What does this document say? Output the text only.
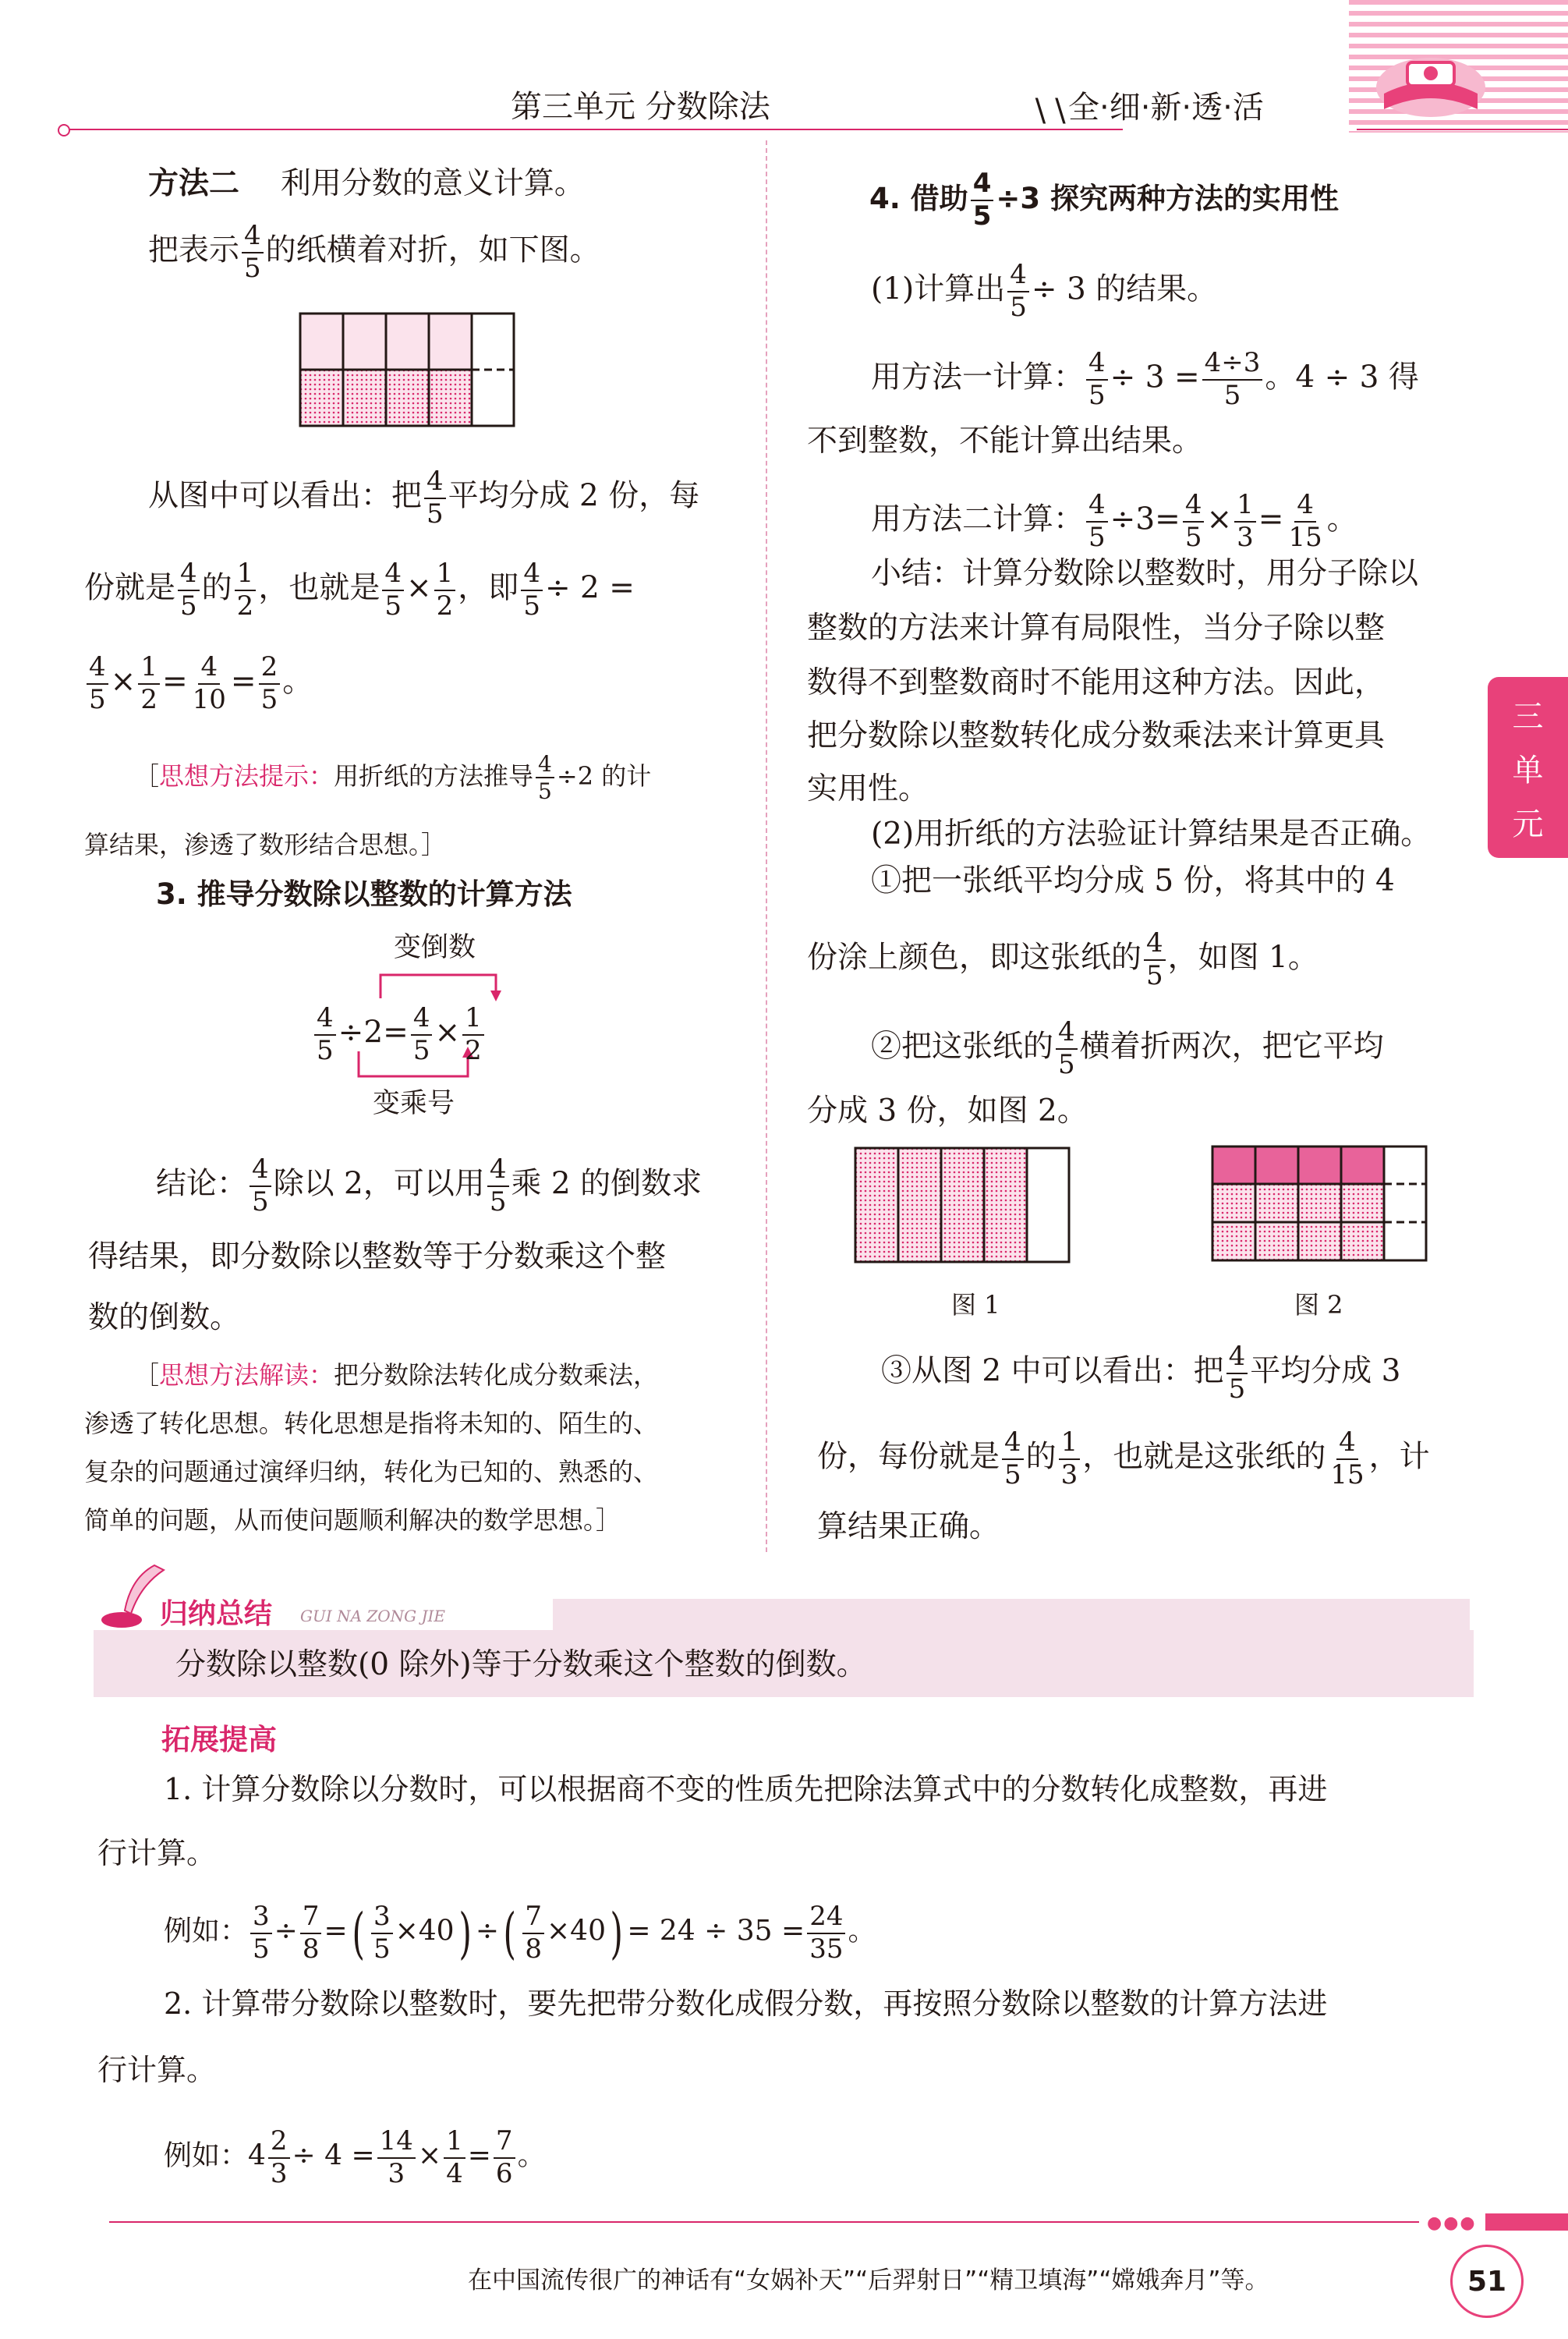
第三单元 分数除法	∖∖ 全·细·新·透·活
三
单
元
方法二 利用分数的意义计算。
把表示 $\frac{4}{5}$ 的纸横着对折，如下图。
从图中可以看出：把 $\frac{4}{5}$ 平均分成 2 份，每
份就是 $\frac{4}{5}$ 的 $\frac{1}{2}$ ，也就是 $\frac{4}{5} \times \frac{1}{2}$ ，即 $\frac{4}{5} \div 2$ =
$\frac{4}{5} \times \frac{1}{2} = \frac{4}{10} = \frac{2}{5}$ 。
［思想方法提示：用折纸的方法推导 $\frac{4}{5} \div 2$ 的计
算结果，渗透了数形结合思想。］
3. 推导分数除以整数的计算方法
变倒数
$\frac{4}{5} \div 2= \frac{4}{5} \times \frac{1}{2}$
变乘号
结论： $\frac{4}{5}$ 除以 2，可以用 $\frac{4}{5}$ 乘 2 的倒数求
得结果，即分数除以整数等于分数乘这个整
数的倒数。
［思想方法解读：把分数除法转化成分数乘法，
渗透了转化思想。转化思想是指将未知的、陌生的、
复杂的问题通过演绎归纳，转化为已知的、熟悉的、
简单的问题，从而使问题顺利解决的数学思想。］
4. 借助 $\frac{4}{5} \div 3$ 探究两种方法的实用性
(1)计算出 $\frac{4}{5} \div 3$ 的结果。
用方法一计算： $\frac{4}{5} \div 3 = \frac{4\div 3}{5}$ 。4 ÷ 3 得
不到整数，不能计算出结果。
用方法二计算： $\frac{4}{5} \div 3= \frac{4}{5} \times \frac{1}{3} = \frac{4}{15}$ 。
小结：计算分数除以整数时，用分子除以
整数的方法来计算有局限性，当分子除以整
数得不到整数商时不能用这种方法。因此，
把分数除以整数转化成分数乘法来计算更具
实用性。
(2)用折纸的方法验证计算结果是否正确。
①把一张纸平均分成 5 份，将其中的 4
份涂上颜色，即这张纸的 $\frac{4}{5}$ ，如图 1。
②把这张纸的 $\frac{4}{5}$ 横着折两次，把它平均
分成 3 份，如图 2。
图 1	图 2
③从图 2 中可以看出：把 $\frac{4}{5}$ 平均分成 3
份，每份就是 $\frac{4}{5}$ 的 $\frac{1}{3}$ ，也就是这张纸的 $\frac{4}{15}$ ，计
算结果正确。
归纳总结 GUI NA ZONG JIE
分数除以整数(0 除外)等于分数乘这个整数的倒数。
拓展提高
1. 计算分数除以分数时，可以根据商不变的性质先把除法算式中的分数转化成整数，再进
行计算。
例如： $\frac{3}{5} \div \frac{7}{8}$ =( $\frac{3}{5} \times 40$) ÷( $\frac{7}{8} \times 40) = 24 \div 35 = \frac{24}{35}$ 。
2. 计算带分数除以整数时，要先把带分数化成假分数，再按照分数除以整数的计算方法进
行计算。
例如：$4 \frac{2}{3} \div 4 = \frac{14}{3} \times \frac{1}{4} = \frac{7}{6}$ 。
●●●
在中国流传很广的神话有“女娲补天”“后羿射日”“精卫填海”“嫦娥奔月”等。	51
